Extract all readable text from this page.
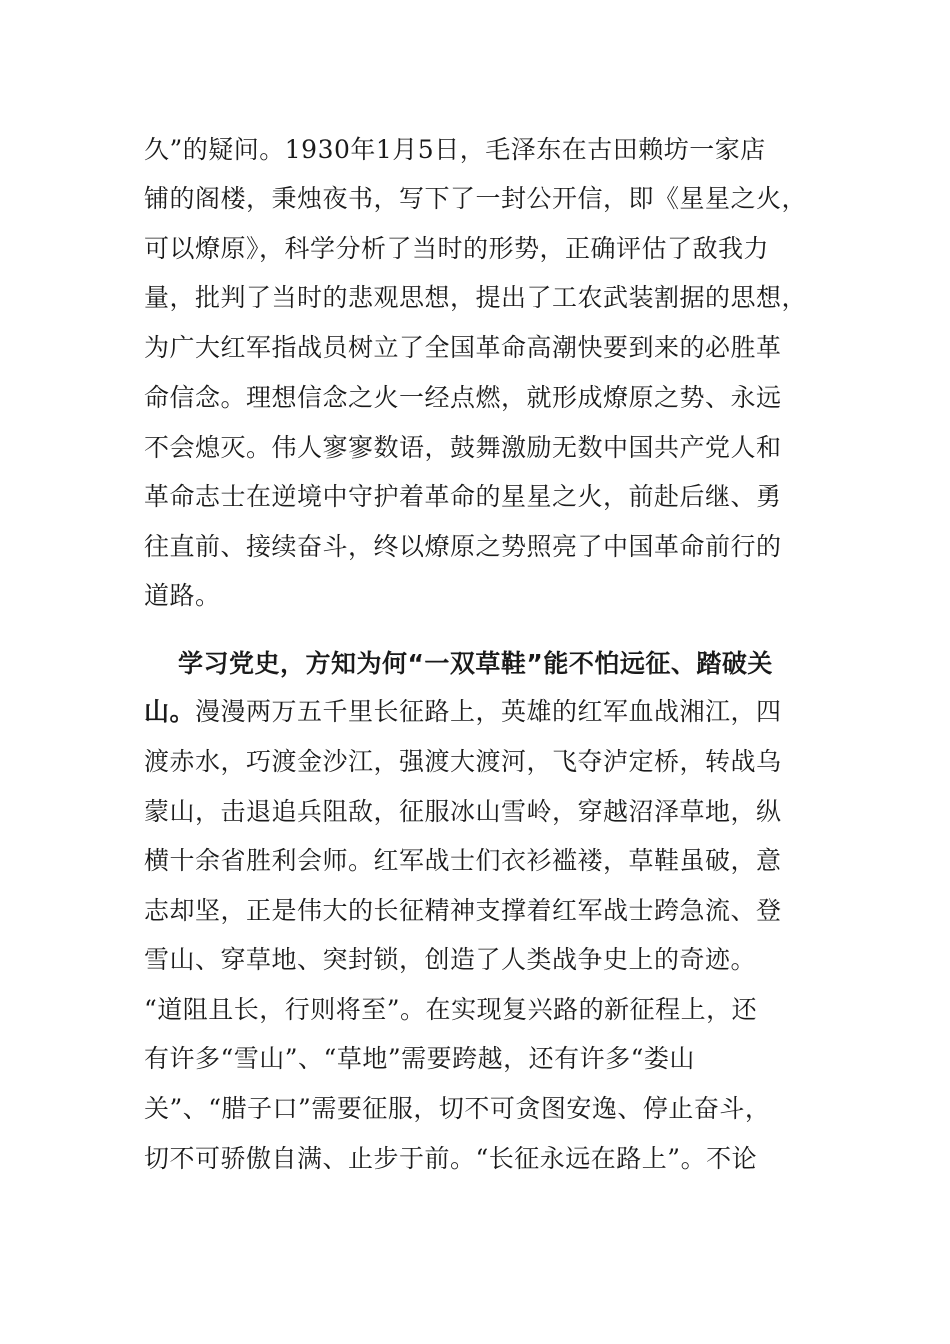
久”的疑问。1930年1月5日，毛泽东在古田赖坊一家店
铺的阁楼，秉烛夜书，写下了一封公开信，即《星星之火，
可以燎原》，科学分析了当时的形势，正确评估了敌我力
量，批判了当时的悲观思想，提出了工农武装割据的思想，
为广大红军指战员树立了全国革命高潮快要到来的必胜革
命信念。理想信念之火一经点燃，就形成燎原之势、永远
不会熄灭。伟人寥寥数语，鼓舞激励无数中国共产党人和
革命志士在逆境中守护着革命的星星之火，前赴后继、勇
往直前、接续奋斗，终以燎原之势照亮了中国革命前行的
道路。
学习党史，方知为何“一双草鞋”能不怕远征、踏破关
山。漫漫两万五千里长征路上，英雄的红军血战湘江，四
渡赤水，巧渡金沙江，强渡大渡河，飞夺泸定桥，转战乌
蒙山，击退追兵阻敌，征服冰山雪岭，穿越沼泽草地，纵
横十余省胜利会师。红军战士们衣衫褴褛，草鞋虽破，意
志却坚，正是伟大的长征精神支撑着红军战士跨急流、登
雪山、穿草地、突封锁，创造了人类战争史上的奇迹。
“道阻且长，行则将至”。在实现复兴路的新征程上，还
有许多“雪山”、“草地”需要跨越，还有许多“娄山
关”、“腊子口”需要征服，切不可贪图安逸、停止奋斗，
切不可骄傲自满、止步于前。“长征永远在路上”。不论
